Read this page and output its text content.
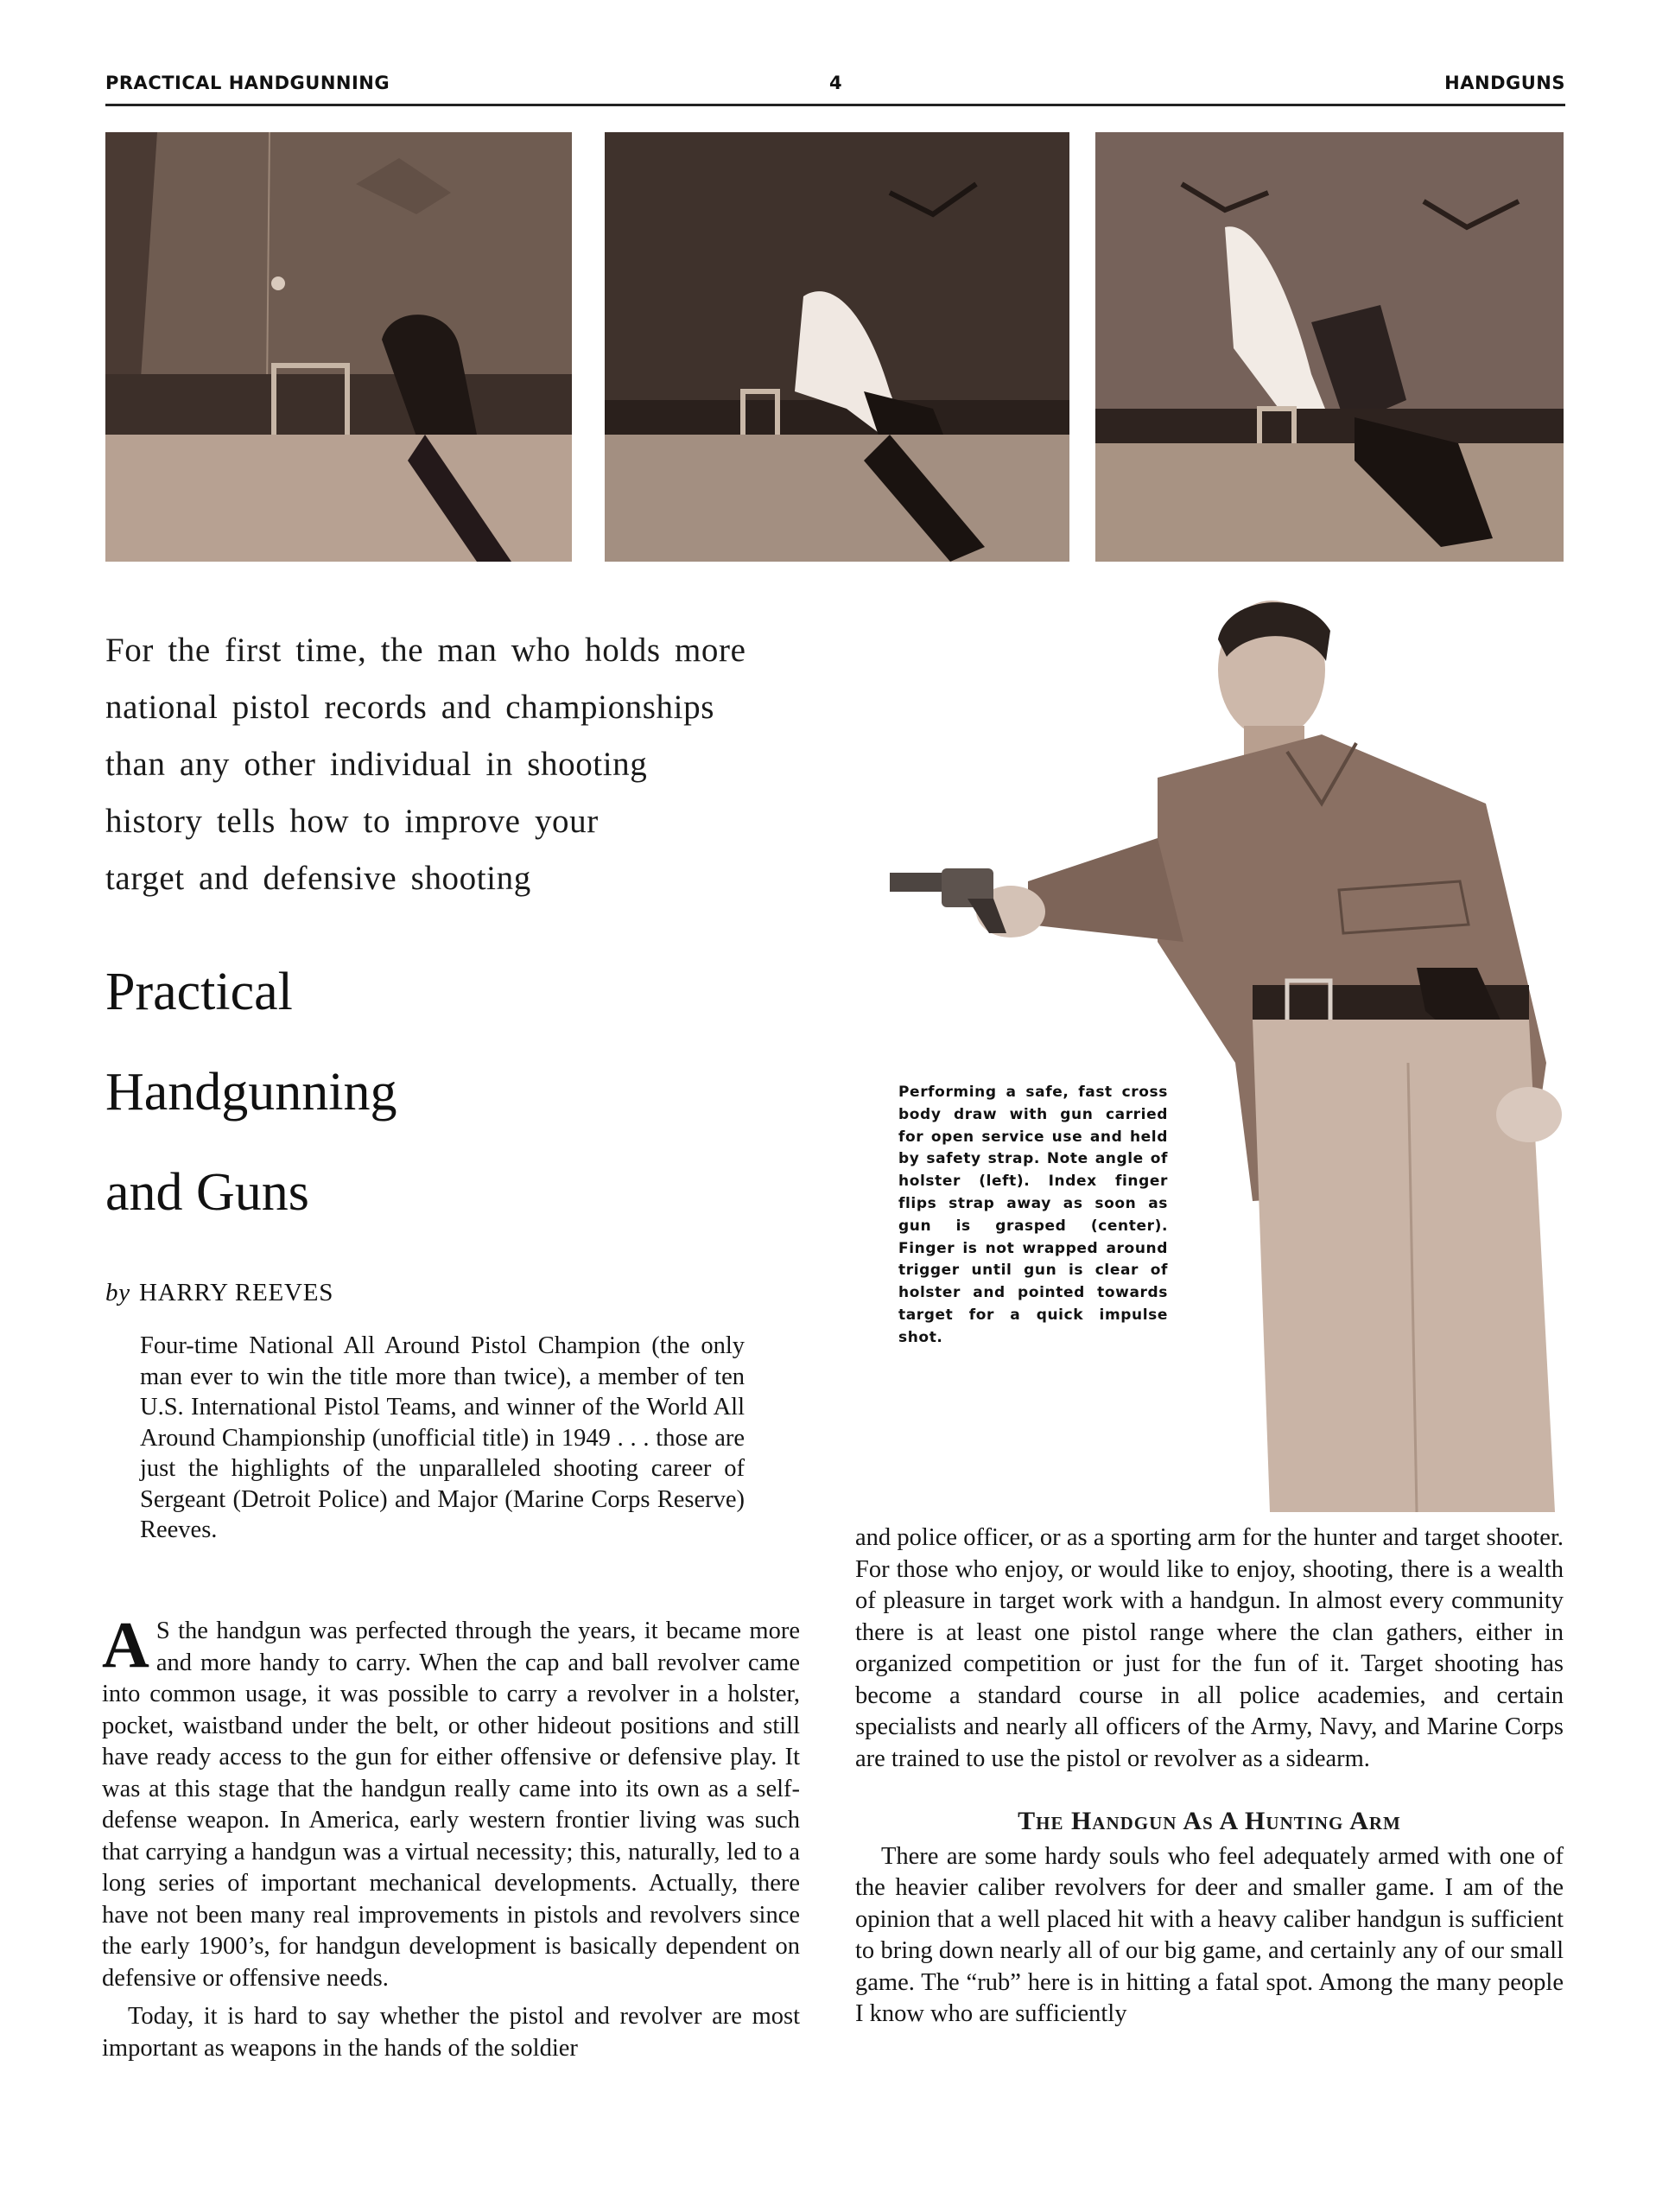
PRACTICAL HANDGUNNING	4	HANDGUNS
For the first time, the man who holds more
national pistol records and championships
than any other individual in shooting
history tells how to improve your
target and defensive shooting
Practical
Handgunning
and Guns
by HARRY REEVES
Four-time National All Around Pistol Champion (the only man ever to win the title more than twice), a member of ten U.S. International Pistol Teams, and winner of the World All Around Championship (unofficial title) in 1949 . . . those are just the highlights of the unparalleled shooting career of Sergeant (Detroit Police) and Major (Marine Corps Reserve) Reeves.
Performing a safe, fast cross body draw with gun carried for open service use and held by safety strap. Note angle of holster (left). Index finger flips strap away as soon as gun is grasped (center). Finger is not wrapped around trigger until gun is clear of holster and pointed towards target for a quick impulse shot.

A S the handgun was perfected through the years, it became more and more handy to carry. When the cap and ball revolver came into common usage, it was possible to carry a revolver in a holster, pocket, waistband under the belt, or other hideout positions and still have ready access to the gun for either offensive or defensive play. It was at this stage that the handgun really came into its own as a self-defense weapon. In America, early western frontier living was such that carrying a handgun was a virtual necessity; this, naturally, led to a long series of important mechanical developments. Actually, there have not been many real improvements in pistols and revolvers since the early 1900’s, for handgun development is basically dependent on defensive or offensive needs.

Today, it is hard to say whether the pistol and revolver are most important as weapons in the hands of the soldier

and police officer, or as a sporting arm for the hunter and target shooter. For those who enjoy, or would like to enjoy, shooting, there is a wealth of pleasure in target work with a handgun. In almost every community there is at least one pistol range where the clan gathers, either in organized competition or just for the fun of it. Target shooting has become a standard course in all police academies, and certain specialists and nearly all officers of the Army, Navy, and Marine Corps are trained to use the pistol or revolver as a sidearm.

The Handgun As A Hunting Arm

There are some hardy souls who feel adequately armed with one of the heavier caliber revolvers for deer and smaller game. I am of the opinion that a well placed hit with a heavy caliber handgun is sufficient to bring down nearly all of our big game, and certainly any of our small game. The “rub” here is in hitting a fatal spot. Among the many people I know who are sufficiently
